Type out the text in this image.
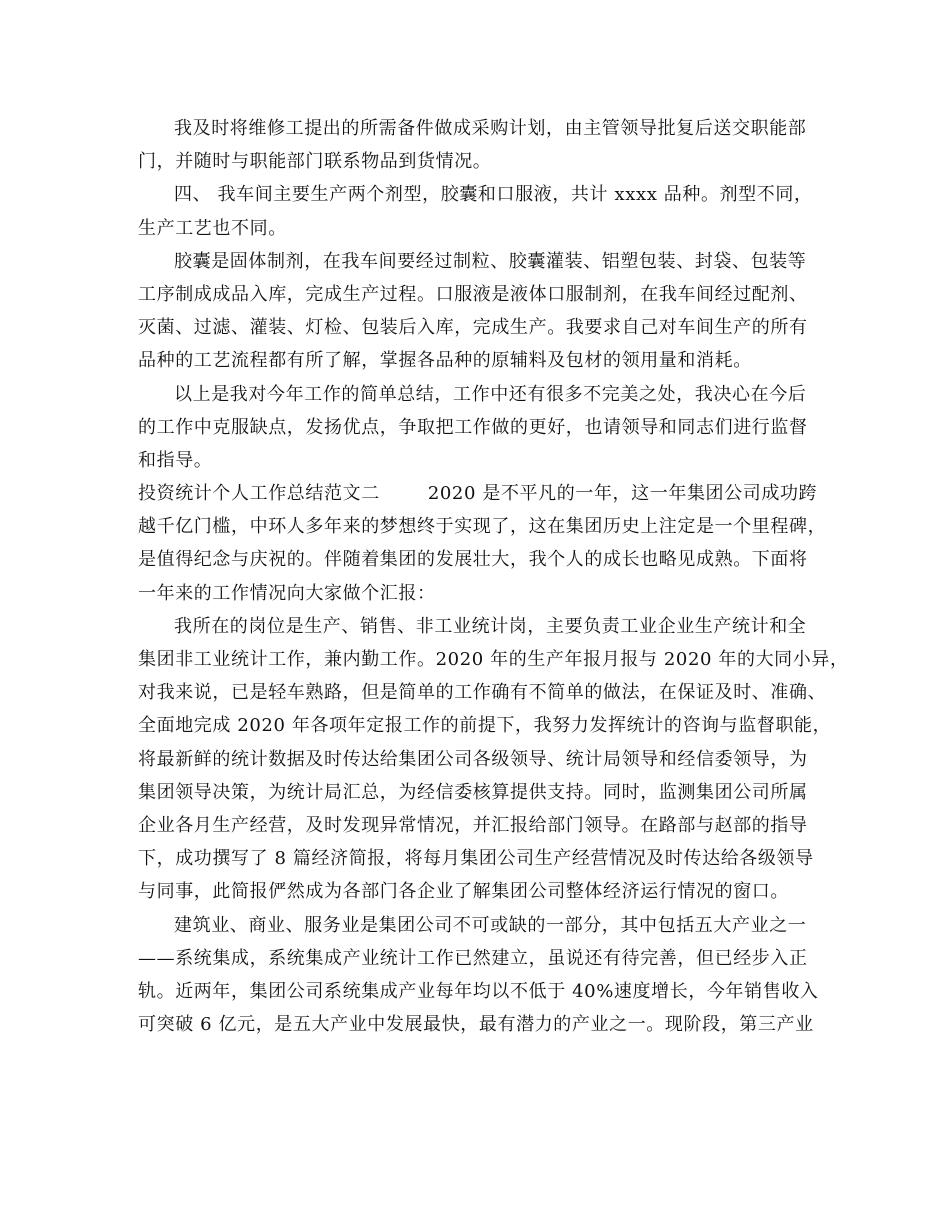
我及时将维修工提出的所需备件做成采购计划，由主管领导批复后送交职能部
门，并随时与职能部门联系物品到货情况。
四、 我车间主要生产两个剂型，胶囊和口服液，共计 xxxx 品种。剂型不同，
生产工艺也不同。
胶囊是固体制剂，在我车间要经过制粒、胶囊灌装、铝塑包装、封袋、包装等
工序制成成品入库，完成生产过程。口服液是液体口服制剂，在我车间经过配剂、
灭菌、过滤、灌装、灯检、包装后入库，完成生产。我要求自己对车间生产的所有
品种的工艺流程都有所了解，掌握各品种的原辅料及包材的领用量和消耗。
以上是我对今年工作的简单总结，工作中还有很多不完美之处，我决心在今后
的工作中克服缺点，发扬优点，争取把工作做的更好，也请领导和同志们进行监督
和指导。
投资统计个人工作总结范文二	2020 是不平凡的一年，这一年集团公司成功跨
越千亿门槛，中环人多年来的梦想终于实现了，这在集团历史上注定是一个里程碑，
是值得纪念与庆祝的。伴随着集团的发展壮大，我个人的成长也略见成熟。下面将
一年来的工作情况向大家做个汇报：
我所在的岗位是生产、销售、非工业统计岗，主要负责工业企业生产统计和全
集团非工业统计工作，兼内勤工作。2020 年的生产年报月报与 2020 年的大同小异，
对我来说，已是轻车熟路，但是简单的工作确有不简单的做法，在保证及时、准确、
全面地完成 2020 年各项年定报工作的前提下，我努力发挥统计的咨询与监督职能，
将最新鲜的统计数据及时传达给集团公司各级领导、统计局领导和经信委领导，为
集团领导决策，为统计局汇总，为经信委核算提供支持。同时，监测集团公司所属
企业各月生产经营，及时发现异常情况，并汇报给部门领导。在路部与赵部的指导
下，成功撰写了 8 篇经济简报，将每月集团公司生产经营情况及时传达给各级领导
与同事，此简报俨然成为各部门各企业了解集团公司整体经济运行情况的窗口。
建筑业、商业、服务业是集团公司不可或缺的一部分，其中包括五大产业之一
——系统集成，系统集成产业统计工作已然建立，虽说还有待完善，但已经步入正
轨。近两年，集团公司系统集成产业每年均以不低于 40%速度增长，今年销售收入
可突破 6 亿元，是五大产业中发展最快，最有潜力的产业之一。现阶段，第三产业
